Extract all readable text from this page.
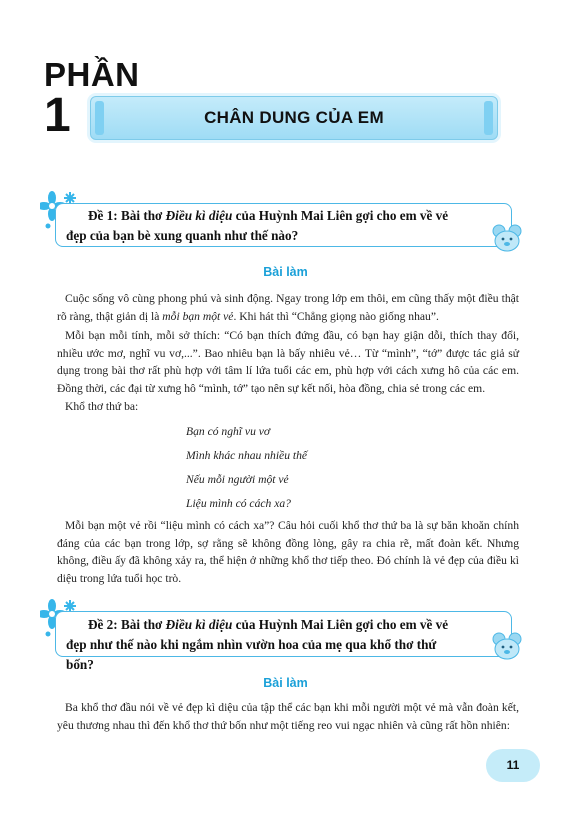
PHẦN
1	CHÂN DUNG CỦA EM
Đề 1: Bài thơ Điều kì diệu của Huỳnh Mai Liên gợi cho em về vẻ đẹp của bạn bè xung quanh như thế nào?
Bài làm
Cuộc sống vô cùng phong phú và sinh động. Ngay trong lớp em thôi, em cũng thấy một điều thật rõ ràng, thật giản dị là mỗi bạn một vẻ. Khi hát thì “Chẳng giọng nào giống nhau”.
Mỗi bạn mỗi tính, mỗi sở thích: “Có bạn thích đứng đầu, có bạn hay giận dỗi, thích thay đổi, nhiều ước mơ, nghĩ vu vơ,...”. Bao nhiêu bạn là bấy nhiêu vẻ… Từ “mình”, “tớ” được tác giả sử dụng trong bài thơ rất phù hợp với tâm lí lứa tuổi các em, phù hợp với cách xưng hô của các em. Đồng thời, các đại từ xưng hô “mình, tớ” tạo nên sự kết nối, hòa đồng, chia sẻ trong các em.
Khổ thơ thứ ba:
Bạn có nghĩ vu vơ
Mình khác nhau nhiều thế
Nếu mỗi người một vẻ
Liệu mình có cách xa?
Mỗi bạn một vẻ rồi “liệu mình có cách xa”? Câu hỏi cuối khổ thơ thứ ba là sự băn khoăn chính đáng của các bạn trong lớp, sợ rằng sẽ không đồng lòng, gây ra chia rẽ, mất đoàn kết. Nhưng không, điều ấy đã không xảy ra, thể hiện ở những khổ thơ tiếp theo. Đó chính là vẻ đẹp của điều kì diệu trong lứa tuổi học trò.
Đề 2: Bài thơ Điều kì diệu của Huỳnh Mai Liên gợi cho em về vẻ đẹp như thế nào khi ngắm nhìn vườn hoa của mẹ qua khổ thơ thứ bốn?
Bài làm
Ba khổ thơ đầu nói về vẻ đẹp kì diệu của tập thể các bạn khi mỗi người một vẻ mà vẫn đoàn kết, yêu thương nhau thì đến khổ thơ thứ bốn như một tiếng reo vui ngạc nhiên và cũng rất hồn nhiên:
11
